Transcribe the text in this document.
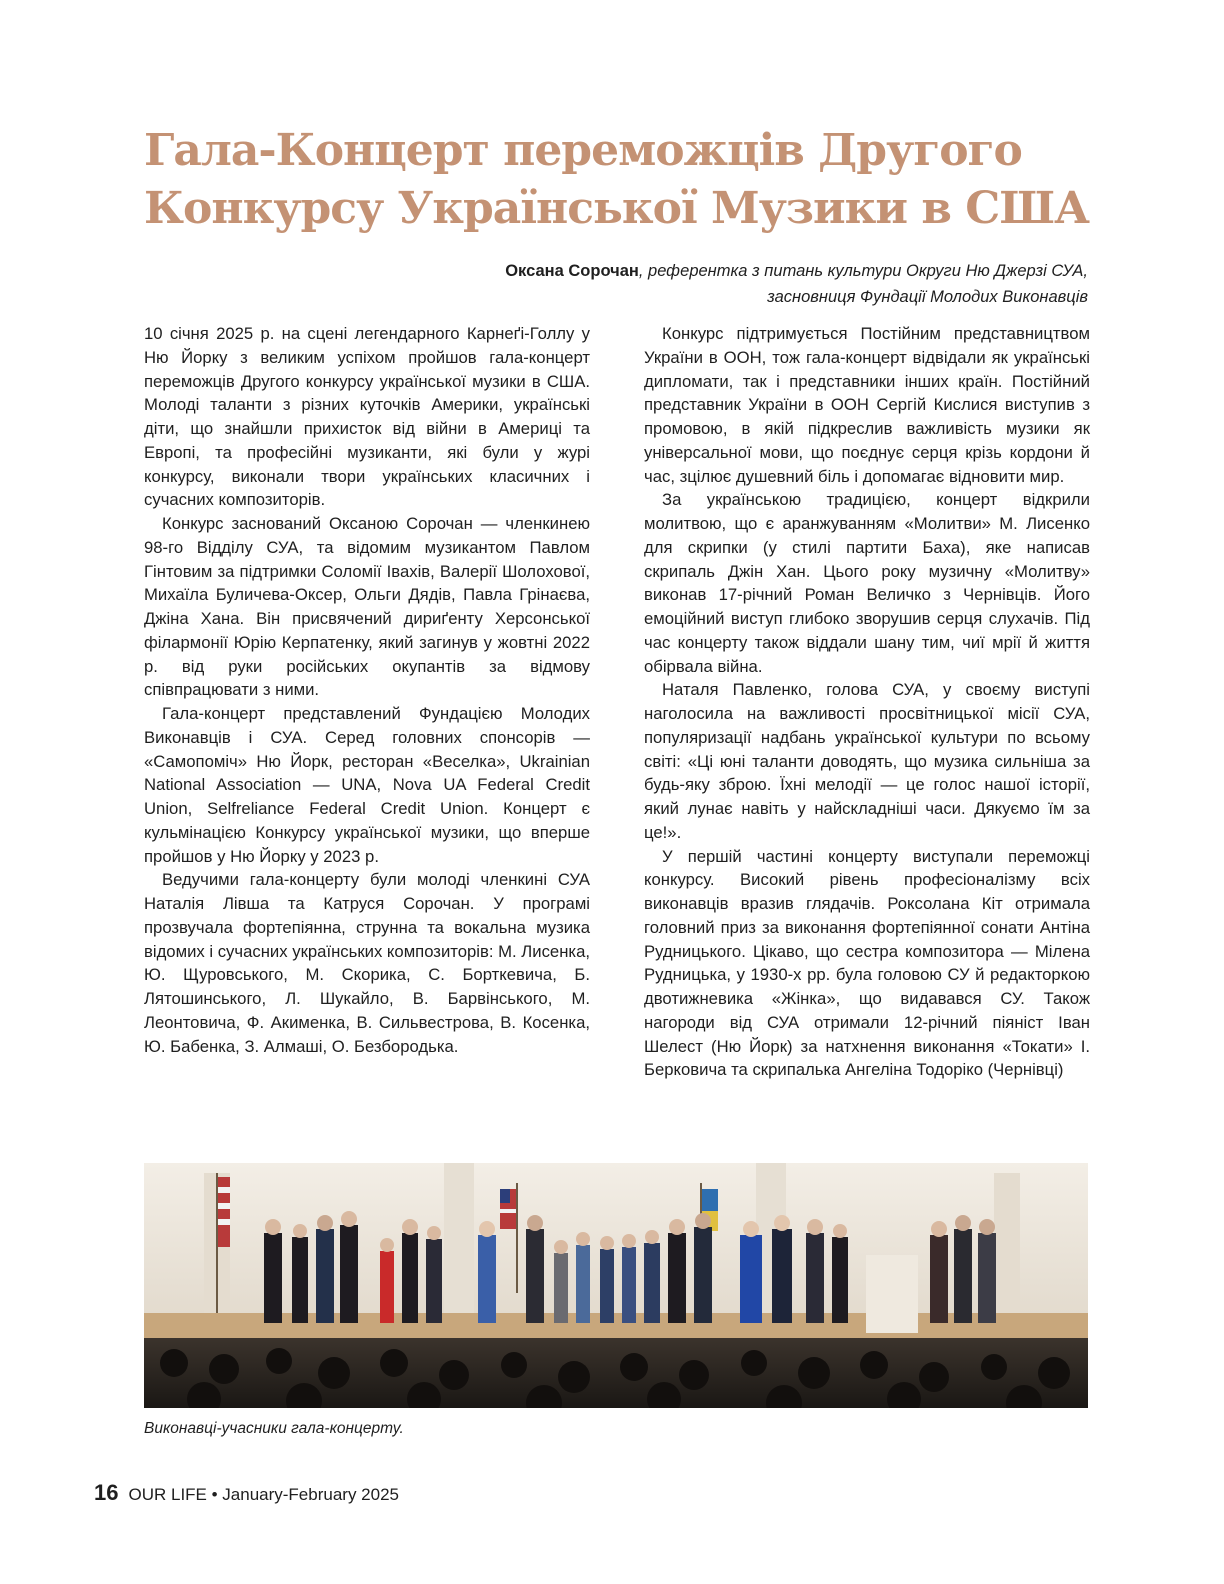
Гала-Концерт переможців Другого Конкурсу Української Музики в США
Оксана Сорочан, референтка з питань культури Округи Ню Джерзі СУА,
засновниця Фундації Молодих Виконавців

10 січня 2025 р. на сцені легендарного Карнеґі-Голлу у Ню Йорку з великим успіхом пройшов гала-концерт переможців Другого конкурсу української музики в США. Молоді таланти з різних куточків Америки, українські діти, що знайшли прихисток від війни в Америці та Европі, та професійні музиканти, які були у журі конкурсу, виконали твори українських класичних і сучасних композиторів.

Конкурс заснований Оксаною Сорочан — членкинею 98-го Відділу СУА, та відомим музикантом Павлом Гінтовим за підтримки Соломії Івахів, Валерії Шолохової, Михаїла Буличева-Оксер, Ольги Дядів, Павла Грінаєва, Джіна Хана. Він присвячений дириґенту Херсонської філармонії Юрію Керпатенку, який загинув у жовтні 2022 р. від руки російських окупантів за відмову співпрацювати з ними.

Гала-концерт представлений Фундацією Молодих Виконавців і СУА. Серед головних спонсорів — «Самопоміч» Ню Йорк, ресторан «Веселка», Ukrainian National Association — UNA, Nova UA Federal Credit Union, Selfreliance Federal Credit Union. Концерт є кульмінацією Конкурсу української музики, що вперше пройшов у Ню Йорку у 2023 р.

Ведучими гала-концерту були молоді членкині СУА Наталія Лівша та Катруся Сорочан. У програмі прозвучала фортепіянна, струнна та вокальна музика відомих і сучасних українських композиторів: М. Лисенка, Ю. Щуровського, М. Скорика, С. Борткевича, Б. Лятошинського, Л. Шукайло, В. Барвінського, М. Леонтовича, Ф. Акименка, В. Сильвестрова, В. Косенка, Ю. Бабенка, З. Алмаші, О. Безбородька.

Конкурс підтримується Постійним представництвом України в ООН, тож гала-концерт відвідали як українські дипломати, так і представники інших країн. Постійний представник України в ООН Сергій Кислися виступив з промовою, в якій підкреслив важливість музики як універсальної мови, що поєднує серця крізь кордони й час, зцілює душевний біль і допомагає відновити мир.

За українською традицією, концерт відкрили молитвою, що є аранжуванням «Молитви» М. Лисенко для скрипки (у стилі партити Баха), яке написав скрипаль Джін Хан. Цього року музичну «Молитву» виконав 17-річний Роман Величко з Чернівців. Його емоційний виступ глибоко зворушив серця слухачів. Під час концерту також віддали шану тим, чиї мрії й життя обірвала війна.

Наталя Павленко, голова СУА, у своєму виступі наголосила на важливості просвітницької місії СУА, популяризації надбань української культури по всьому світі: «Ці юні таланти доводять, що музика сильніша за будь-яку зброю. Їхні мелодії — це голос нашої історії, який лунає навіть у найскладніші часи. Дякуємо їм за це!».

У першій частині концерту виступали переможці конкурсу. Високий рівень професіоналізму всіх виконавців вразив глядачів. Роксолана Кіт отримала головний приз за виконання фортепіянної сонати Антіна Рудницького. Цікаво, що сестра композитора — Мілена Рудницька, у 1930-х рр. була головою СУ й редакторкою двотижневика «Жінка», що видавався СУ. Також нагороди від СУА отримали 12-річний піяніст Іван Шелест (Ню Йорк) за натхнення виконання «Токати» І. Берковича та скрипалька Ангеліна Тодоріко (Чернівці)

Виконавці-учасники гала-концерту.
16 OUR LIFE • January-February 2025
